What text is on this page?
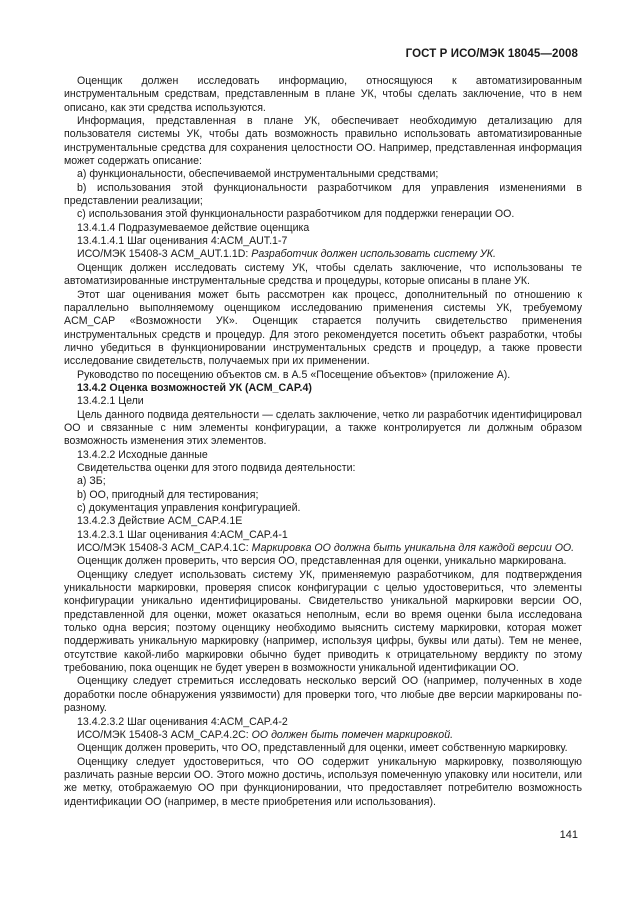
ГОСТ Р ИСО/МЭК 18045—2008

Оценщик должен исследовать информацию, относящуюся к автоматизированным инструментальным средствам, представленным в плане УК, чтобы сделать заключение, что в нем описано, как эти средства используются.

Информация, представленная в плане УК, обеспечивает необходимую детализацию для пользователя системы УК, чтобы дать возможность правильно использовать автоматизированные инструментальные средства для сохранения целостности ОО. Например, представленная информация может содержать описание:

а) функциональности, обеспечиваемой инструментальными средствами;

b) использования этой функциональности разработчиком для управления изменениями в представлении реализации;

с) использования этой функциональности разработчиком для поддержки генерации ОО.

13.4.1.4 Подразумеваемое действие оценщика

13.4.1.4.1 Шаг оценивания 4:ACM_AUT.1-7

ИСО/МЭК 15408-3 ACM_AUT.1.1D: Разработчик должен использовать систему УК.

Оценщик должен исследовать систему УК, чтобы сделать заключение, что использованы те автоматизированные инструментальные средства и процедуры, которые описаны в плане УК.

Этот шаг оценивания может быть рассмотрен как процесс, дополнительный по отношению к параллельно выполняемому оценщиком исследованию применения системы УК, требуемому ACM_CAP «Возможности УК». Оценщик старается получить свидетельство применения инструментальных средств и процедур. Для этого рекомендуется посетить объект разработки, чтобы лично убедиться в функционировании инструментальных средств и процедур, а также провести исследование свидетельств, получаемых при их применении.

Руководство по посещению объектов см. в А.5 «Посещение объектов» (приложение А).

13.4.2 Оценка возможностей УК (ACM_CAP.4)

13.4.2.1 Цели

Цель данного подвида деятельности — сделать заключение, четко ли разработчик идентифицировал ОО и связанные с ним элементы конфигурации, а также контролируется ли должным образом возможность изменения этих элементов.

13.4.2.2 Исходные данные

Свидетельства оценки для этого подвида деятельности:

а) ЗБ;

b) ОО, пригодный для тестирования;

с) документация управления конфигурацией.

13.4.2.3 Действие ACM_CAP.4.1E

13.4.2.3.1 Шаг оценивания 4:ACM_CAP.4-1

ИСО/МЭК 15408-3 ACM_CAP.4.1C: Маркировка ОО должна быть уникальна для каждой версии ОО.

Оценщик должен проверить, что версия ОО, представленная для оценки, уникально маркирована.

Оценщику следует использовать систему УК, применяемую разработчиком, для подтверждения уникальности маркировки, проверяя список конфигурации с целью удостовериться, что элементы конфигурации уникально идентифицированы. Свидетельство уникальной маркировки версии ОО, представленной для оценки, может оказаться неполным, если во время оценки была исследована только одна версия; поэтому оценщику необходимо выяснить систему маркировки, которая может поддерживать уникальную маркировку (например, используя цифры, буквы или даты). Тем не менее, отсутствие какой-либо маркировки обычно будет приводить к отрицательному вердикту по этому требованию, пока оценщик не будет уверен в возможности уникальной идентификации ОО.

Оценщику следует стремиться исследовать несколько версий ОО (например, полученных в ходе доработки после обнаружения уязвимости) для проверки того, что любые две версии маркированы по-разному.

13.4.2.3.2 Шаг оценивания 4:ACM_CAP.4-2

ИСО/МЭК 15408-3 ACM_CAP.4.2C: ОО должен быть помечен маркировкой.

Оценщик должен проверить, что ОО, представленный для оценки, имеет собственную маркировку.

Оценщику следует удостовериться, что ОО содержит уникальную маркировку, позволяющую различать разные версии ОО. Этого можно достичь, используя помеченную упаковку или носители, или же метку, отображаемую ОО при функционировании, что предоставляет потребителю возможность идентификации ОО (например, в месте приобретения или использования).

141
